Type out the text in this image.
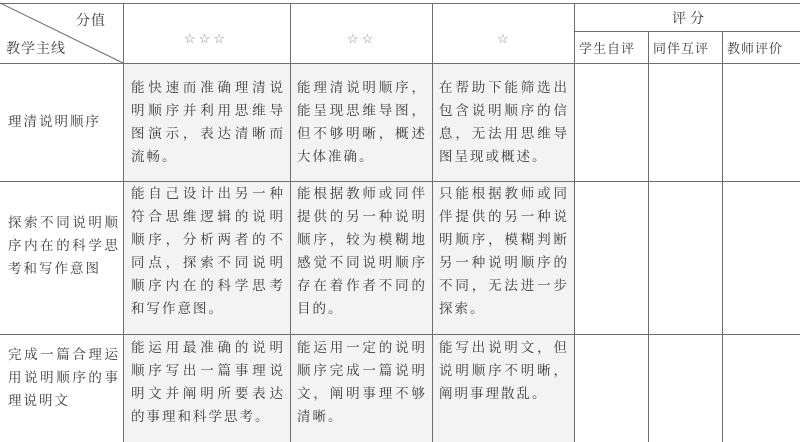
分值
教学主线
☆☆☆	☆☆	☆
评分
学生自评 同伴互评 教师评价
理清说明顺序
能快速而准确理清说明顺序并利用思维导图演示，表达清晰而流畅。
能理清说明顺序，能呈现思维导图，但不够明晰，概述大体准确。
在帮助下能筛选出包含说明顺序的信息，无法用思维导图呈现或概述。
探索不同说明顺序内在的科学思考和写作意图
能自己设计出另一种符合思维逻辑的说明顺序，分析两者的不同点，探索不同说明顺序内在的科学思考和写作意图。
能根据教师或同伴提供的另一种说明顺序，较为模糊地感觉不同说明顺序存在着作者不同的目的。
只能根据教师或同伴提供的另一种说明顺序，模糊判断另一种说明顺序的不同，无法进一步探索。
完成一篇合理运用说明顺序的事理说明文
能运用最准确的说明顺序写出一篇事理说明文并阐明所要表达的事理和科学思考。
能运用一定的说明顺序完成一篇说明文，阐明事理不够清晰。
能写出说明文，但说明顺序不明晰，阐明事理散乱。
